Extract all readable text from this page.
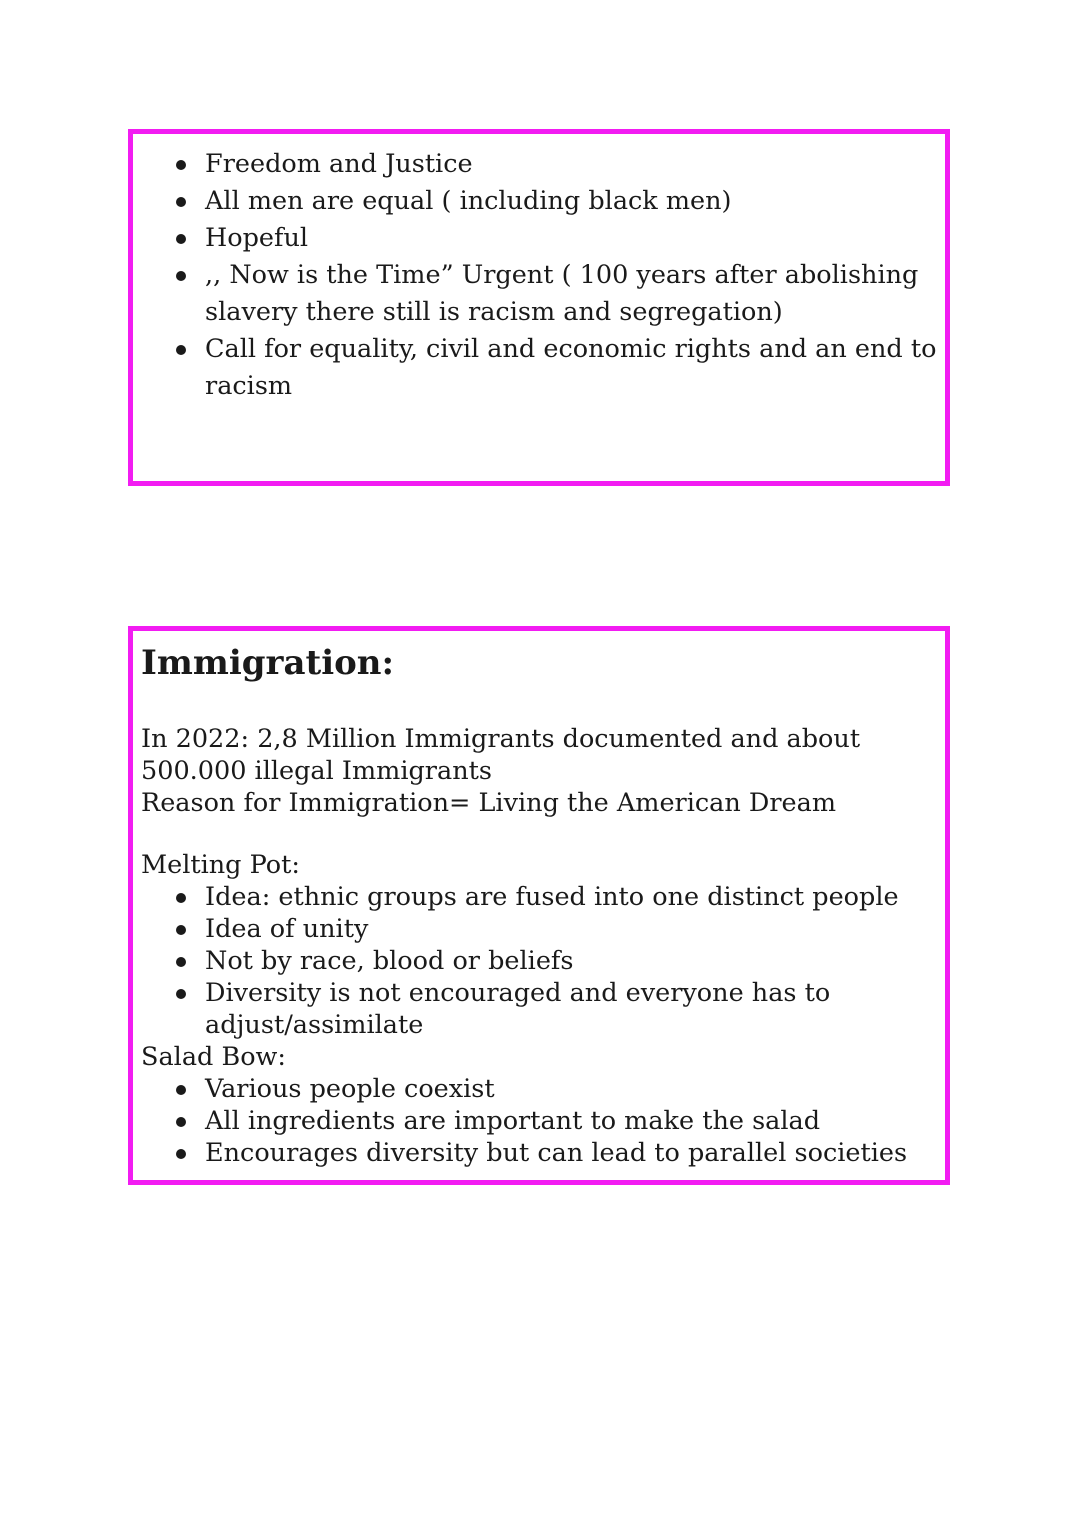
Freedom and Justice
All men are equal ( including black men)
Hopeful
,, Now is the Time” Urgent ( 100 years after abolishing slavery there still is racism and segregation)
Call for equality, civil and economic rights and an end to racism
Immigration:

In 2022: 2,8 Million Immigrants documented and about

500.000 illegal Immigrants

Reason for Immigration= Living the American Dream

Melting Pot:
Idea: ethnic groups are fused into one distinct people
Idea of unity
Not by race, blood or beliefs
Diversity is not encouraged and everyone has to adjust/assimilate
Salad Bow:
Various people coexist
All ingredients are important to make the salad
Encourages diversity but can lead to parallel societies
